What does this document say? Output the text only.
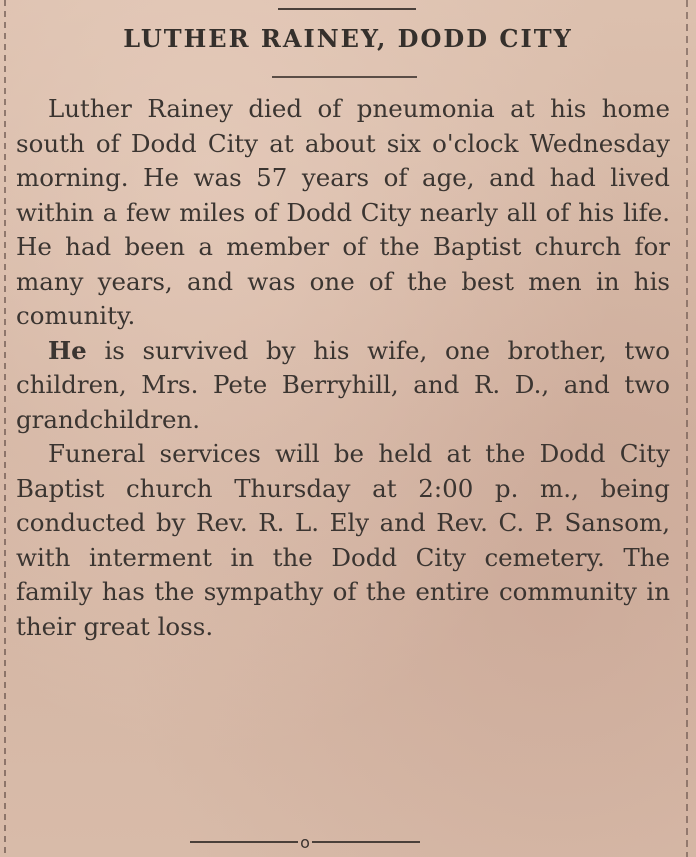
LUTHER RAINEY, DODD CITY

Luther Rainey died of pneumonia at his home south of Dodd City at about six o'clock Wednesday morning. He was 57 years of age, and had lived within a few miles of Dodd City nearly all of his life. He had been a member of the Baptist church for many years, and was one of the best men in his comunity.

He is survived by his wife, one brother, two children, Mrs. Pete Berryhill, and R. D., and two grandchildren.

Funeral services will be held at the Dodd City Baptist church Thursday at 2:00 p. m., being conducted by Rev. R. L. Ely and Rev. C. P. Sansom, with interment in the Dodd City cemetery. The family has the sympathy of the entire community in their great loss.

o
